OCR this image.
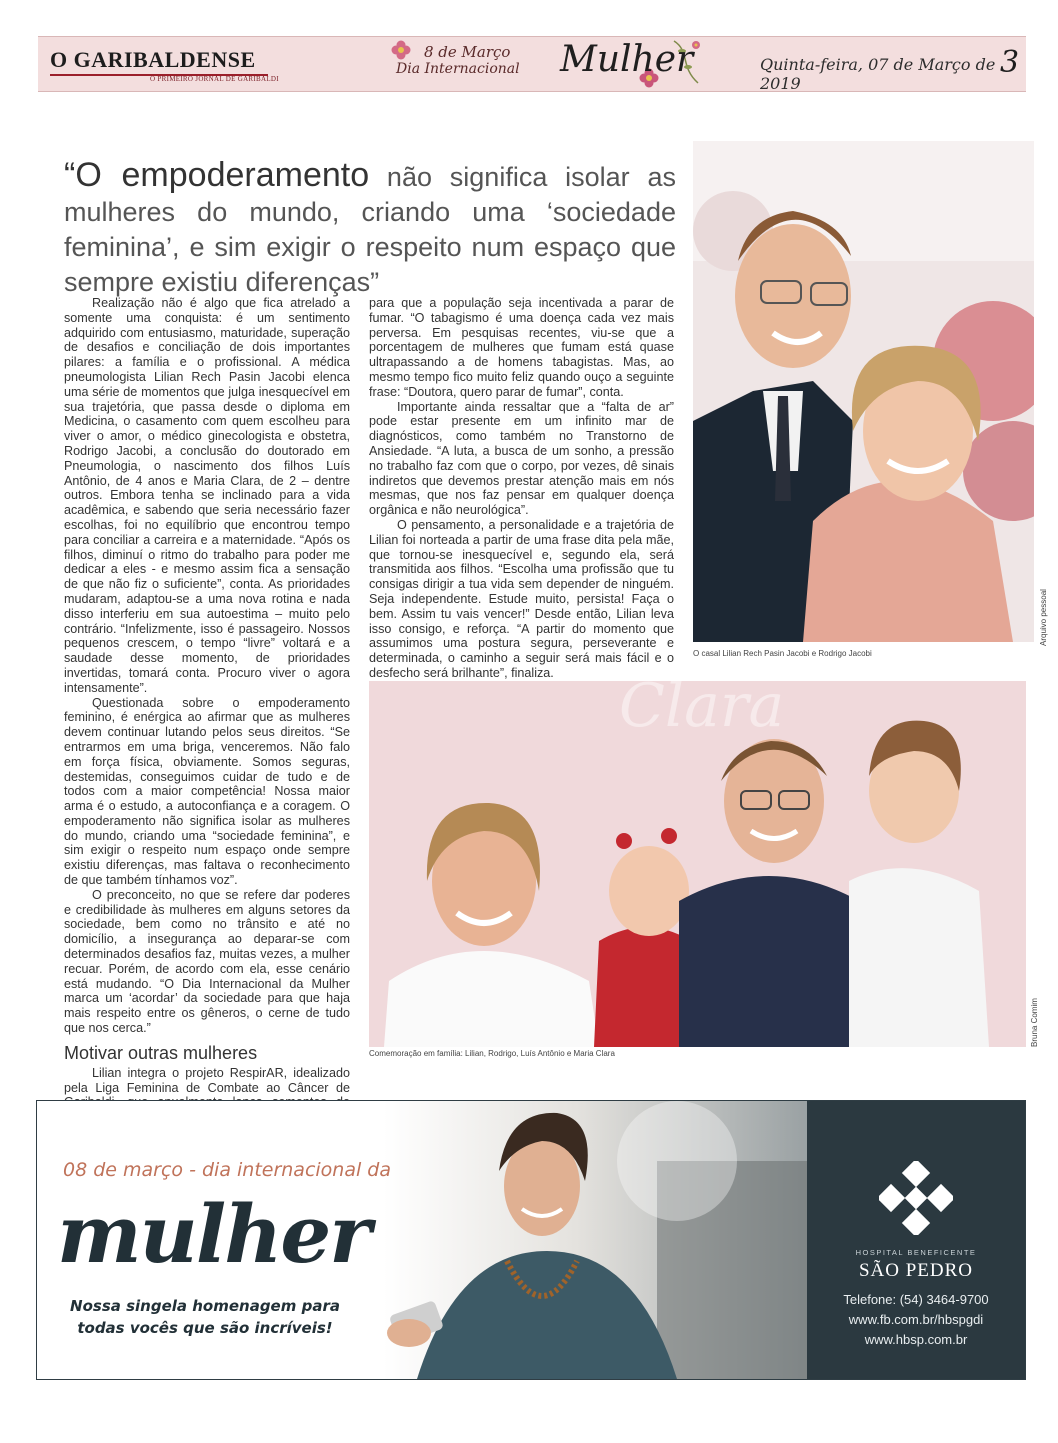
O GARIBALDENSE
O PRIMEIRO JORNAL DE GARIBALDI
8 de Março
Dia Internacional Mulher	Quinta-feira, 07 de Março de 2019
3
“O empoderamento não significa isolar as mulheres do mundo, criando uma ‘sociedade feminina’, e sim exigir o respeito num espaço que sempre existiu diferenças”

Realização não é algo que fica atrelado a somente uma conquista: é um sentimento adquirido com entusiasmo, maturidade, superação de desafios e conciliação de dois importantes pilares: a família e o profissional. A médica pneumologista Lilian Rech Pasin Jacobi elenca uma série de momentos que julga inesquecível em sua trajetória, que passa desde o diploma em Medicina, o casamento com quem escolheu para viver o amor, o médico ginecologista e obstetra, Rodrigo Jacobi, a conclusão do doutorado em Pneumologia, o nascimento dos filhos Luís Antônio, de 4 anos e Maria Clara, de 2 – dentre outros. Embora tenha se inclinado para a vida acadêmica, e sabendo que seria necessário fazer escolhas, foi no equilíbrio que encontrou tempo para conciliar a carreira e a maternidade. “Após os filhos, diminuí o ritmo do trabalho para poder me dedicar a eles - e mesmo assim fica a sensação de que não fiz o suficiente”, conta. As prioridades mudaram, adaptou-se a uma nova rotina e nada disso interferiu em sua autoestima – muito pelo contrário. “Infelizmente, isso é passageiro. Nossos pequenos crescem, o tempo “livre” voltará e a saudade desse momento, de prioridades invertidas, tomará conta. Procuro viver o agora intensamente”.

Questionada sobre o empoderamento feminino, é enérgica ao afirmar que as mulheres devem continuar lutando pelos seus direitos. “Se entrarmos em uma briga, venceremos. Não falo em força física, obviamente. Somos seguras, destemidas, conseguimos cuidar de tudo e de todos com a maior competência! Nossa maior arma é o estudo, a autoconfiança e a coragem. O empoderamento não significa isolar as mulheres do mundo, criando uma “sociedade feminina”, e sim exigir o respeito num espaço onde sempre existiu diferenças, mas faltava o reconhecimento de que também tínhamos voz”.

O preconceito, no que se refere dar poderes e credibilidade às mulheres em alguns setores da sociedade, bem como no trânsito e até no domicílio, a insegurança ao deparar-se com determinados desafios faz, muitas vezes, a mulher recuar. Porém, de acordo com ela, esse cenário está mudando. “O Dia Internacional da Mulher marca um ‘acordar’ da sociedade para que haja mais respeito entre os gêneros, o cerne de tudo que nos cerca.”

Motivar outras mulheres

Lilian integra o projeto RespirAR, idealizado pela Liga Feminina de Combate ao Câncer de

para que a população seja incentivada a parar de fumar. “O tabagismo é uma doença cada vez mais perversa. Em pesquisas recentes, viu-se que a porcentagem de mulheres que fumam está quase ultrapassando a de homens tabagistas. Mas, ao mesmo tempo fico muito feliz quando ouço a seguinte frase: “Doutora, quero parar de fumar”, conta.

Importante ainda ressaltar que a “falta de ar” pode estar presente em um infinito mar de diagnósticos, como também no Transtorno de Ansiedade. “A luta, a busca de um sonho, a pressão no trabalho faz com que o corpo, por vezes, dê sinais indiretos que devemos prestar atenção mais em nós mesmas, que nos faz pensar em qualquer doença orgânica e não neurológica”.

O pensamento, a personalidade e a trajetória de Lilian foi norteada a partir de uma frase dita pela mãe, que tornou-se inesquecível e, segundo ela, será transmitida aos filhos. “Escolha uma profissão que tu consigas dirigir a tua vida sem depender de ninguém. Seja independente. Estude muito, persista! Faça o bem. Assim tu vais vencer!” Desde então, Lilian leva isso consigo, e reforça. “A partir do momento que assumimos uma postura segura, perseverante e determinada, o caminho a seguir será mais fácil e o desfecho será brilhante”, finaliza.

O casal Lilian Rech Pasin Jacobi e Rodrigo Jacobi
Arquivo pessoal
Clara
Comemoração em família: Lilian, Rodrigo, Luís Antônio e Maria Clara
Bruna Comim
08 de março - dia internacional da
mulher
Nossa singela homenagem para
todas vocês que são incríveis!
HOSPITAL BENEFICENTE
SÃO PEDRO
Telefone: (54) 3464-9700
www.fb.com.br/hbspgdi
www.hbsp.com.br
